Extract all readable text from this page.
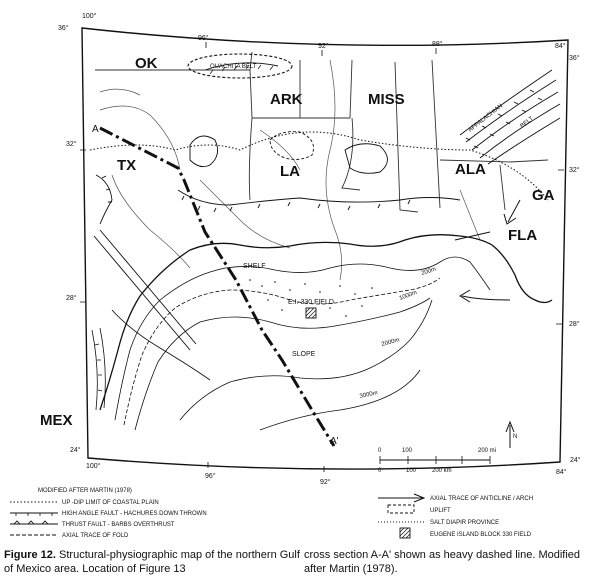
100°
36°
96°
92°	88°	84°
36°
32°
32°
28°
28°
24°
100°
96°
92°
84°
24°
OUACHITA BELT
APPALACHIAN	BELT
OK
ARK	MISS
TX	LA	ALA
GA
FLA
MEX
A
A'
SHELF
E.I. 330 FIELD
SLOPE
200m
1000m
2000m
3000m
N
0	100	200 mi
0	100	200 km
MODIFIED AFTER MARTIN (1978)
UP -DIP LIMIT OF COASTAL PLAIN
HIGH ANGLE FAULT - HACHURES DOWN THROWN
THRUST FAULT - BARBS OVERTHRUST
AXIAL TRACE OF FOLD
AXIAL TRACE OF ANTICLINE / ARCH
UPLIFT
SALT DIAPIR PROVINCE
EUGENE ISLAND BLOCK 330 FIELD
Figure 12. Structural-physiographic map of the northern Gulf of Mexico area. Location of Figure 13
cross section A-A' shown as heavy dashed line. Modified after Martin (1978).
